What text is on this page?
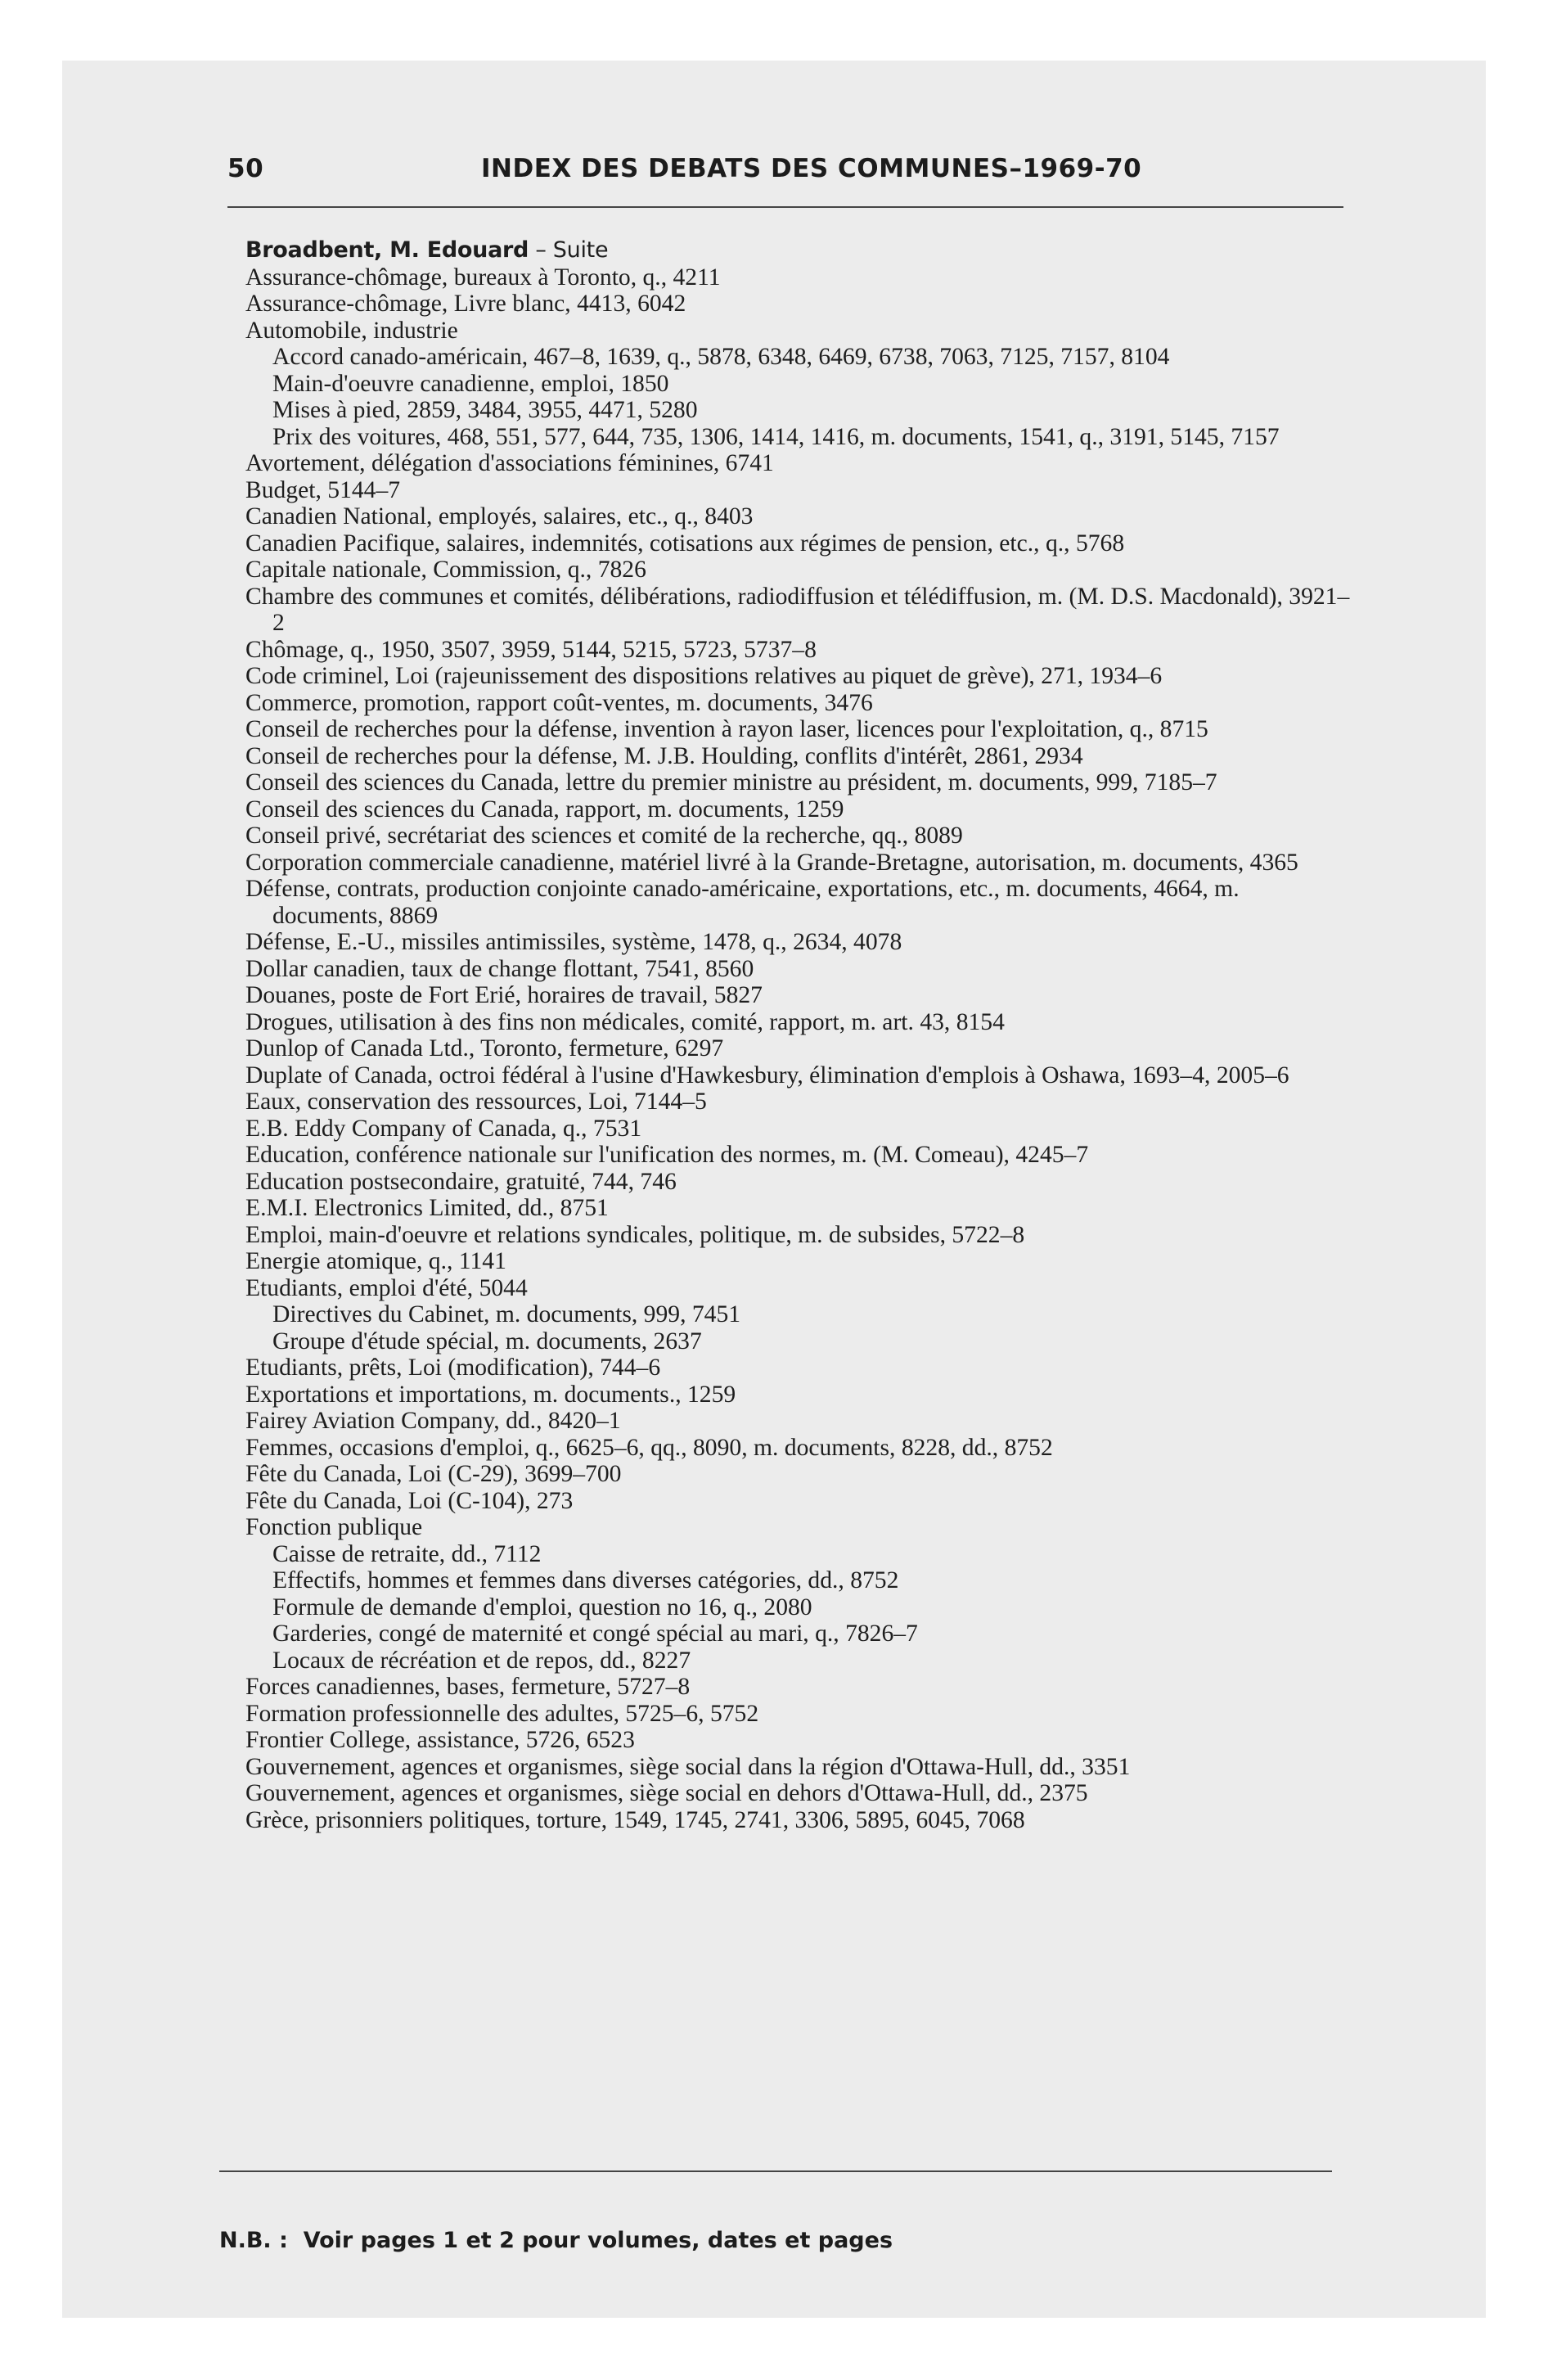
50	INDEX DES DEBATS DES COMMUNES–1969-70

Broadbent, M. Edouard – Suite

Assurance-chômage, bureaux à Toronto, q., 4211

Assurance-chômage, Livre blanc, 4413, 6042

Automobile, industrie

Accord canado-américain, 467–8, 1639, q., 5878, 6348, 6469, 6738, 7063, 7125, 7157, 8104

Main-d'oeuvre canadienne, emploi, 1850

Mises à pied, 2859, 3484, 3955, 4471, 5280

Prix des voitures, 468, 551, 577, 644, 735, 1306, 1414, 1416, m. documents, 1541, q., 3191, 5145, 7157

Avortement, délégation d'associations féminines, 6741

Budget, 5144–7

Canadien National, employés, salaires, etc., q., 8403

Canadien Pacifique, salaires, indemnités, cotisations aux régimes de pension, etc., q., 5768

Capitale nationale, Commission, q., 7826

Chambre des communes et comités, délibérations, radiodiffusion et télédiffusion, m. (M. D.S. Macdonald), 3921–2

Chômage, q., 1950, 3507, 3959, 5144, 5215, 5723, 5737–8

Code criminel, Loi (rajeunissement des dispositions relatives au piquet de grève), 271, 1934–6

Commerce, promotion, rapport coût-ventes, m. documents, 3476

Conseil de recherches pour la défense, invention à rayon laser, licences pour l'exploitation, q., 8715

Conseil de recherches pour la défense, M. J.B. Houlding, conflits d'intérêt, 2861, 2934

Conseil des sciences du Canada, lettre du premier ministre au président, m. documents, 999, 7185–7

Conseil des sciences du Canada, rapport, m. documents, 1259

Conseil privé, secrétariat des sciences et comité de la recherche, qq., 8089

Corporation commerciale canadienne, matériel livré à la Grande-Bretagne, autorisation, m. documents, 4365

Défense, contrats, production conjointe canado-américaine, exportations, etc., m. documents, 4664, m. documents, 8869

Défense, E.-U., missiles antimissiles, système, 1478, q., 2634, 4078

Dollar canadien, taux de change flottant, 7541, 8560

Douanes, poste de Fort Erié, horaires de travail, 5827

Drogues, utilisation à des fins non médicales, comité, rapport, m. art. 43, 8154

Dunlop of Canada Ltd., Toronto, fermeture, 6297

Duplate of Canada, octroi fédéral à l'usine d'Hawkesbury, élimination d'emplois à Oshawa, 1693–4, 2005–6

Eaux, conservation des ressources, Loi, 7144–5

E.B. Eddy Company of Canada, q., 7531

Education, conférence nationale sur l'unification des normes, m. (M. Comeau), 4245–7

Education postsecondaire, gratuité, 744, 746

E.M.I. Electronics Limited, dd., 8751

Emploi, main-d'oeuvre et relations syndicales, politique, m. de subsides, 5722–8

Energie atomique, q., 1141

Etudiants, emploi d'été, 5044

Directives du Cabinet, m. documents, 999, 7451

Groupe d'étude spécial, m. documents, 2637

Etudiants, prêts, Loi (modification), 744–6

Exportations et importations, m. documents., 1259

Fairey Aviation Company, dd., 8420–1

Femmes, occasions d'emploi, q., 6625–6, qq., 8090, m. documents, 8228, dd., 8752

Fête du Canada, Loi (C-29), 3699–700

Fête du Canada, Loi (C-104), 273

Fonction publique

Caisse de retraite, dd., 7112

Effectifs, hommes et femmes dans diverses catégories, dd., 8752

Formule de demande d'emploi, question no 16, q., 2080

Garderies, congé de maternité et congé spécial au mari, q., 7826–7

Locaux de récréation et de repos, dd., 8227

Forces canadiennes, bases, fermeture, 5727–8

Formation professionnelle des adultes, 5725–6, 5752

Frontier College, assistance, 5726, 6523

Gouvernement, agences et organismes, siège social dans la région d'Ottawa-Hull, dd., 3351

Gouvernement, agences et organismes, siège social en dehors d'Ottawa-Hull, dd., 2375

Grèce, prisonniers politiques, torture, 1549, 1745, 2741, 3306, 5895, 6045, 7068

N.B. : Voir pages 1 et 2 pour volumes, dates et pages
